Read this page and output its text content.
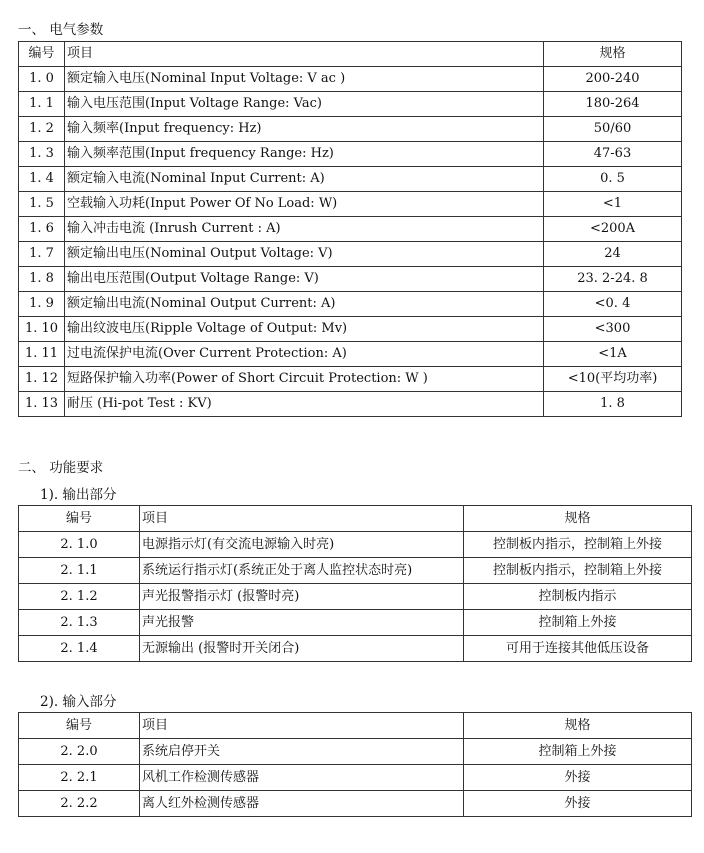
一、 电气参数
编号	项目	规格
1. 0	额定输入电压(Nominal Input Voltage: V ac )	200-240
1. 1	输入电压范围(Input Voltage Range: Vac)	180-264
1. 2	输入频率(Input frequency: Hz)	50/60
1. 3	输入频率范围(Input frequency Range: Hz)	47-63
1. 4	额定输入电流(Nominal Input Current: A)	0. 5
1. 5	空载输入功耗(Input Power Of No Load: W)	<1
1. 6	输入冲击电流 (Inrush Current : A)	<200A
1. 7	额定输出电压(Nominal Output Voltage: V)	24
1. 8	输出电压范围(Output Voltage Range: V)	23. 2-24. 8
1. 9	额定输出电流(Nominal Output Current: A)	<0. 4
1. 10	输出纹波电压(Ripple Voltage of Output: Mv)	<300
1. 11	过电流保护电流(Over Current Protection: A)	<1A
1. 12	短路保护输入功率(Power of Short Circuit Protection: W )	<10(平均功率)
1. 13	耐压 (Hi-pot Test : KV)	1. 8
二、 功能要求
1). 输出部分
编号	项目	规格
2. 1.0	电源指示灯(有交流电源输入时亮)	控制板内指示，控制箱上外接
2. 1.1	系统运行指示灯(系统正处于离人监控状态时亮)	控制板内指示，控制箱上外接
2. 1.2	声光报警指示灯 (报警时亮)	控制板内指示
2. 1.3	声光报警	控制箱上外接
2. 1.4	无源输出 (报警时开关闭合)	可用于连接其他低压设备
2). 输入部分
编号	项目	规格
2. 2.0	系统启停开关	控制箱上外接
2. 2.1	风机工作检测传感器	外接
2. 2.2	离人红外检测传感器	外接
